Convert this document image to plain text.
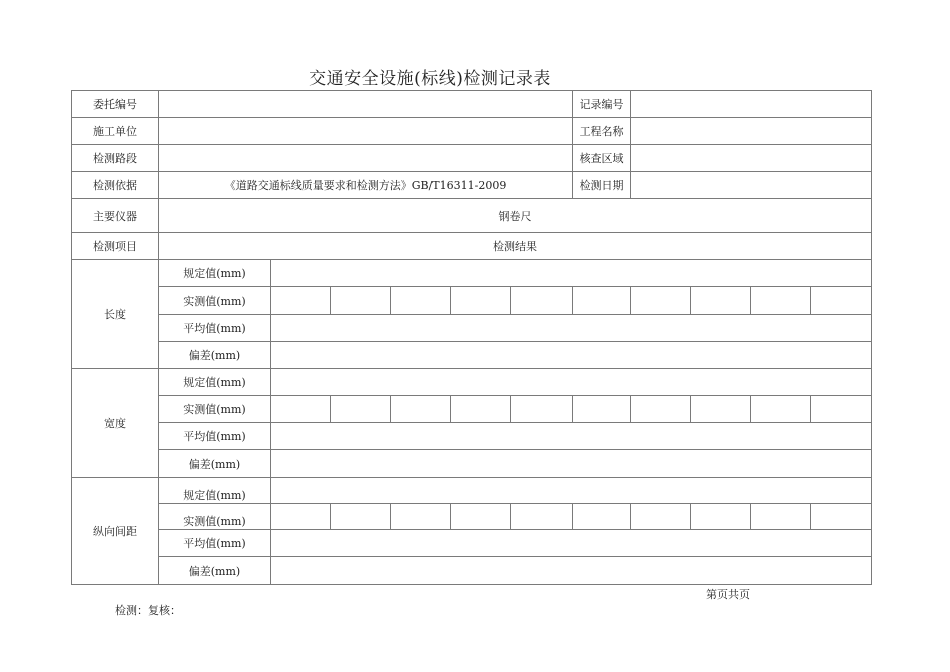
交通安全设施(标线)检测记录表
委托编号							记录编号				
施工单位							工程名称				
检测路段							核查区域				
检测依据	《道路交通标线质量要求和检测方法》GB/T16311-2009						检测日期				
主要仪器	钢卷尺										
检测项目	检测结果										
长度	规定值(mm)										
	实测值(mm)										
	平均值(mm)										
	偏差(mm)										
宽度	规定值(mm)										
	实测值(mm)										
	平均值(mm)										
	偏差(mm)										
纵向间距	规定值(mm)										
	实测值(mm)										
	平均值(mm)										
	偏差(mm)										
第页共页
检测：复核：
